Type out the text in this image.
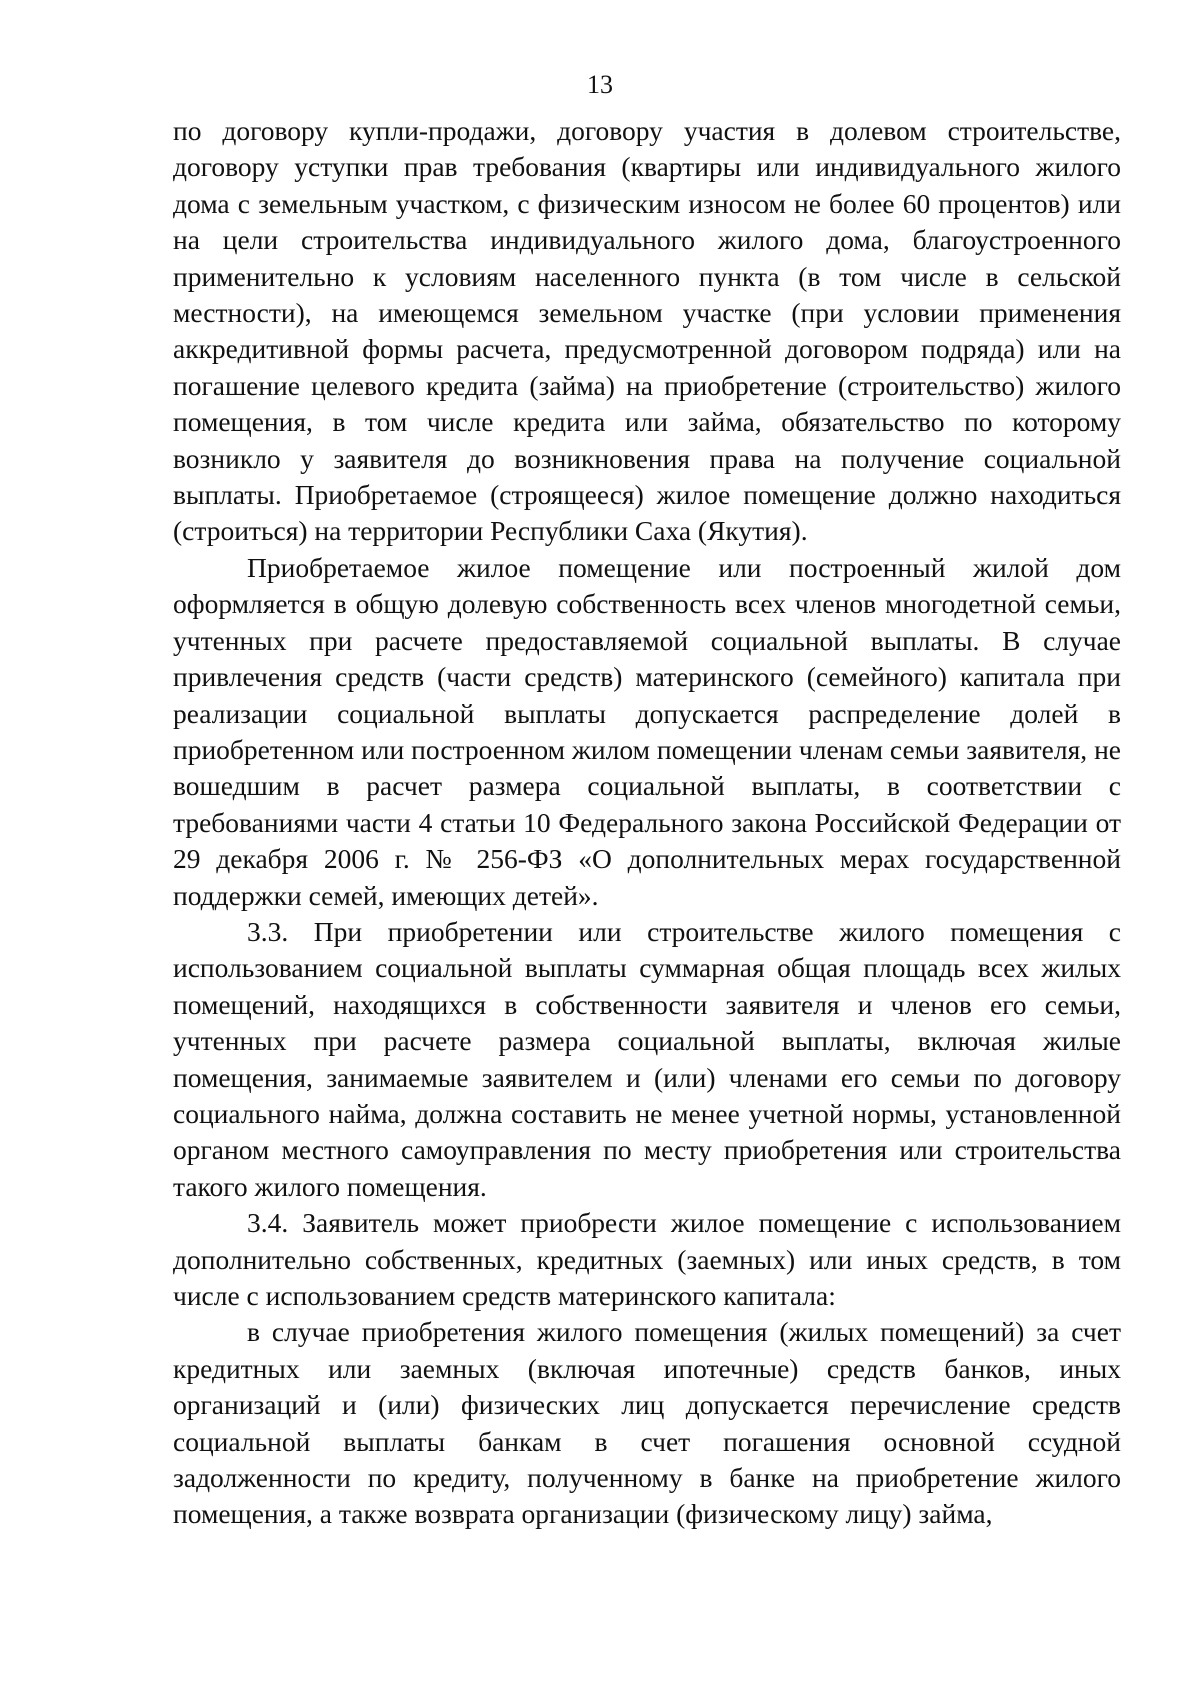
13

по договору купли-продажи, договору участия в долевом строительстве, договору уступки прав требования (квартиры или индивидуального жилого дома с земельным участком, с физическим износом не более 60 процентов) или на цели строительства индивидуального жилого дома, благоустроенного применительно к условиям населенного пункта (в том числе в сельской местности), на имеющемся земельном участке (при условии применения аккредитивной формы расчета, предусмотренной договором подряда) или на погашение целевого кредита (займа) на приобретение (строительство) жилого помещения, в том числе кредита или займа, обязательство по которому возникло у заявителя до возникновения права на получение социальной выплаты. Приобретаемое (строящееся) жилое помещение должно находиться (строиться) на территории Республики Саха (Якутия).

Приобретаемое жилое помещение или построенный жилой дом оформляется в общую долевую собственность всех членов многодетной семьи, учтенных при расчете предоставляемой социальной выплаты. В случае привлечения средств (части средств) материнского (семейного) капитала при реализации социальной выплаты допускается распределение долей в приобретенном или построенном жилом помещении членам семьи заявителя, не вошедшим в расчет размера социальной выплаты, в соответствии с требованиями части 4 статьи 10 Федерального закона Российской Федерации от 29 декабря 2006 г. № 256-ФЗ «О дополнительных мерах государственной поддержки семей, имеющих детей».

3.3. При приобретении или строительстве жилого помещения с использованием социальной выплаты суммарная общая площадь всех жилых помещений, находящихся в собственности заявителя и членов его семьи, учтенных при расчете размера социальной выплаты, включая жилые помещения, занимаемые заявителем и (или) членами его семьи по договору социального найма, должна составить не менее учетной нормы, установленной органом местного самоуправления по месту приобретения или строительства такого жилого помещения.

3.4. Заявитель может приобрести жилое помещение с использованием дополнительно собственных, кредитных (заемных) или иных средств, в том числе с использованием средств материнского капитала:

в случае приобретения жилого помещения (жилых помещений) за счет кредитных или заемных (включая ипотечные) средств банков, иных организаций и (или) физических лиц допускается перечисление средств социальной выплаты банкам в счет погашения основной ссудной задолженности по кредиту, полученному в банке на приобретение жилого помещения, а также возврата организации (физическому лицу) займа,
